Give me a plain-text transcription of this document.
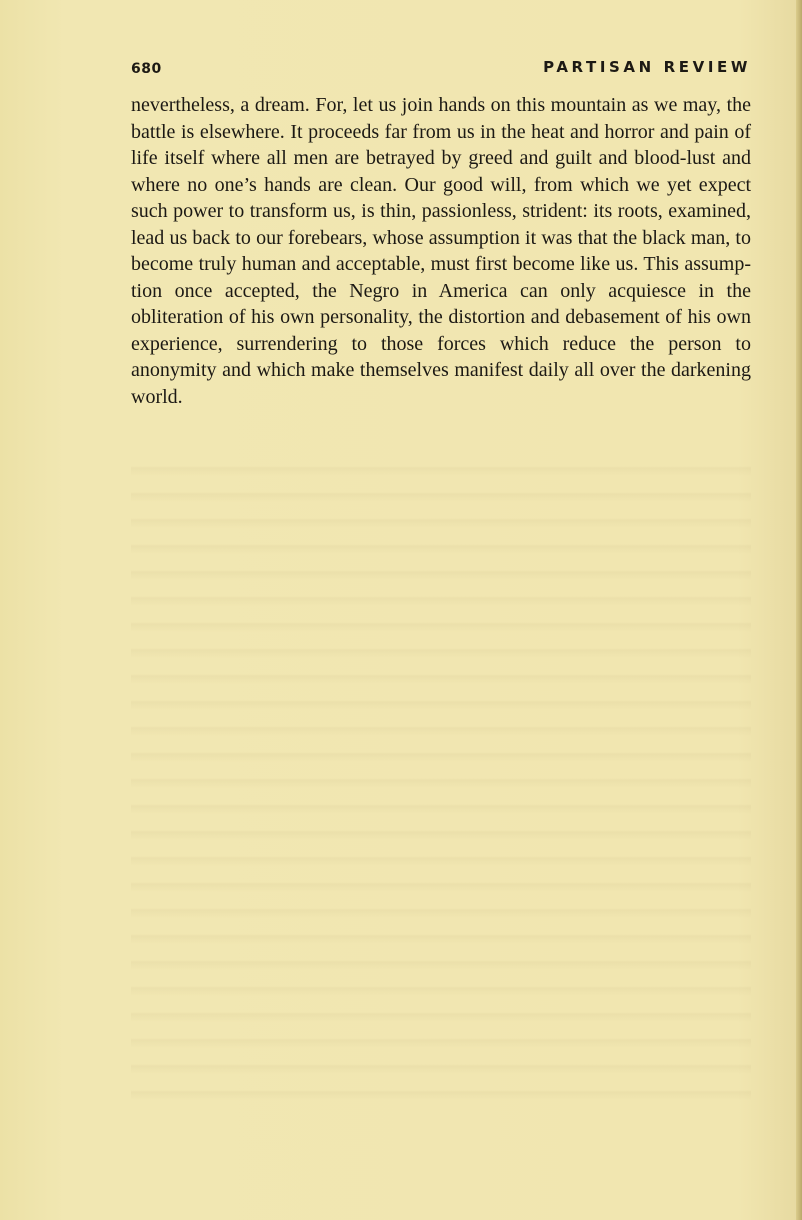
680	PARTISAN REVIEW

nevertheless, a dream. For, let us join hands on this mountain as we may, the battle is elsewhere. It proceeds far from us in the heat and horror and pain of life itself where all men are betrayed by greed and guilt and blood-lust and where no one’s hands are clean. Our good will, from which we yet expect such power to transform us, is thin, passionless, strident: its roots, examined, lead us back to our forebears, whose assumption it was that the black man, to become truly human and acceptable, must first become like us. This assumption once accepted, the Negro in America can only acquiesce in the obliteration of his own personality, the distortion and debasement of his own experience, surrendering to those forces which reduce the person to anonymity and which make themselves manifest daily all over the darkening world.
